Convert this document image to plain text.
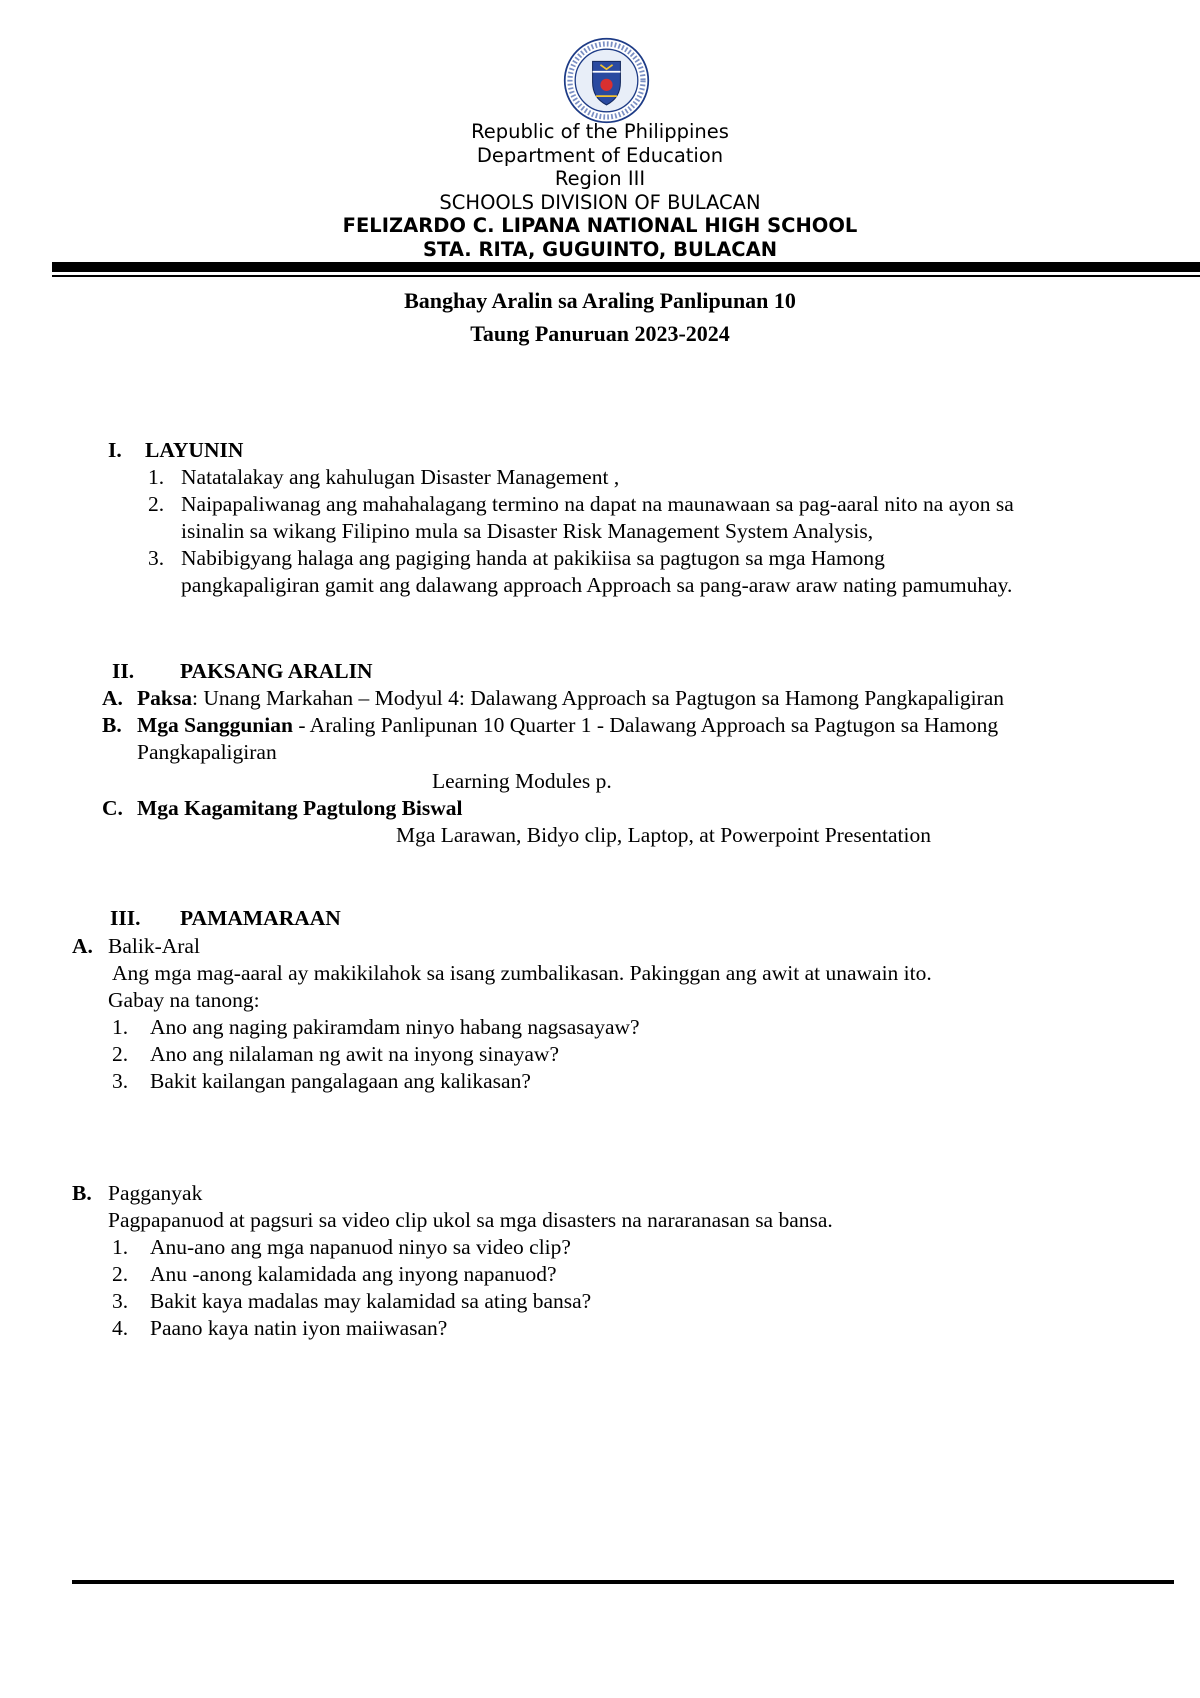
Republic of the Philippines
Department of Education
Region III
SCHOOLS DIVISION OF BULACAN
FELIZARDO C. LIPANA NATIONAL HIGH SCHOOL
STA. RITA, GUGUINTO, BULACAN
Banghay Aralin sa Araling Panlipunan 10
Taung Panuruan 2023-2024
I. LAYUNIN
1. Natatalakay ang kahulugan Disaster Management ,
2. Naipapaliwanag ang mahahalagang termino na dapat na maunawaan sa pag-aaral nito na ayon sa
isinalin sa wikang Filipino mula sa Disaster Risk Management System Analysis,
3. Nabibigyang halaga ang pagiging handa at pakikiisa sa pagtugon sa mga Hamong
pangkapaligiran gamit ang dalawang approach Approach sa pang-araw araw nating pamumuhay.
II. PAKSANG ARALIN
A. Paksa: Unang Markahan – Modyul 4: Dalawang Approach sa Pagtugon sa Hamong Pangkapaligiran
B. Mga Sanggunian - Araling Panlipunan 10 Quarter 1 - Dalawang Approach sa Pagtugon sa Hamong
Pangkapaligiran
Learning Modules p.
C. Mga Kagamitang Pagtulong Biswal
Mga Larawan, Bidyo clip, Laptop, at Powerpoint Presentation
III. PAMAMARAAN
A. Balik-Aral
Ang mga mag-aaral ay makikilahok sa isang zumbalikasan. Pakinggan ang awit at unawain ito.
Gabay na tanong:
1. Ano ang naging pakiramdam ninyo habang nagsasayaw?
2. Ano ang nilalaman ng awit na inyong sinayaw?
3. Bakit kailangan pangalagaan ang kalikasan?
B. Pagganyak
Pagpapanuod at pagsuri sa video clip ukol sa mga disasters na nararanasan sa bansa.
1. Anu-ano ang mga napanuod ninyo sa video clip?
2. Anu -anong kalamidada ang inyong napanuod?
3. Bakit kaya madalas may kalamidad sa ating bansa?
4. Paano kaya natin iyon maiiwasan?
